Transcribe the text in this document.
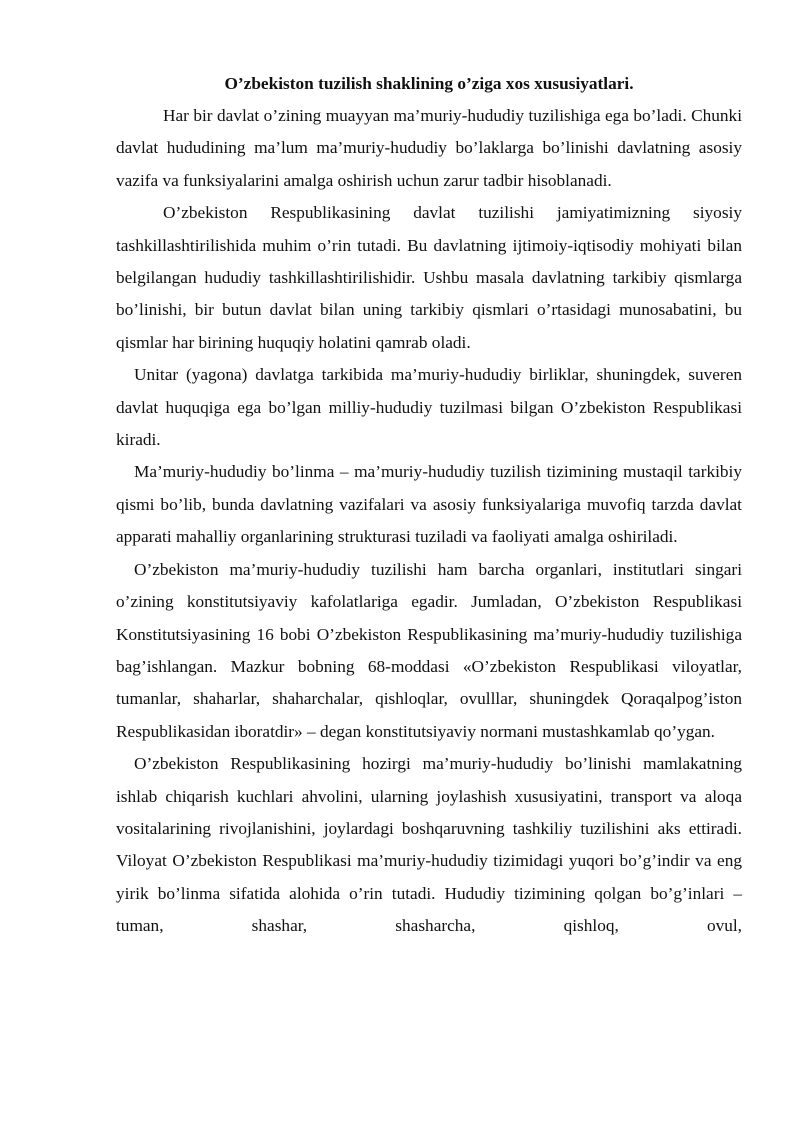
O’zbekiston tuzilish shaklining o’ziga xos xususiyatlari.

Har bir davlat o’zining muayyan ma’muriy-hududiy tuzilishiga ega bo’ladi. Chunki davlat hududining ma’lum ma’muriy-hududiy bo’laklarga bo’linishi davlatning asosiy vazifa va funksiyalarini amalga oshirish uchun zarur tadbir hisoblanadi.

O’zbekiston Respublikasining davlat tuzilishi jamiyatimizning siyosiy tashkillashtirilishida muhim o’rin tutadi. Bu davlatning ijtimoiy-iqtisodiy mohiyati bilan belgilangan hududiy tashkillashtirilishidir. Ushbu masala davlatning tarkibiy qismlarga bo’linishi, bir butun davlat bilan uning tarkibiy qismlari o’rtasidagi munosabatini, bu qismlar har birining huquqiy holatini qamrab oladi.

Unitar (yagona) davlatga tarkibida ma’muriy-hududiy birliklar, shuningdek, suveren davlat huquqiga ega bo’lgan milliy-hududiy tuzilmasi bilgan O’zbekiston Respublikasi kiradi.

Ma’muriy-hududiy bo’linma – ma’muriy-hududiy tuzilish tizimining mustaqil tarkibiy qismi bo’lib, bunda davlatning vazifalari va asosiy funksiyalariga muvofiq tarzda davlat apparati mahalliy organlarining strukturasi tuziladi va faoliyati amalga oshiriladi.

O’zbekiston ma’muriy-hududiy tuzilishi ham barcha organlari, institutlari singari o’zining konstitutsiyaviy kafolatlariga egadir. Jumladan, O’zbekiston Respublikasi Konstitutsiyasining 16 bobi O’zbekiston Respublikasining ma’muriy-hududiy tuzilishiga bag’ishlangan. Mazkur bobning 68-moddasi «O’zbekiston Respublikasi viloyatlar, tumanlar, shaharlar, shaharchalar, qishloqlar, ovulllar, shuningdek Qoraqalpog’iston Respublikasidan iboratdir» – degan konstitutsiyaviy normani mustashkamlab qo’ygan.

O’zbekiston Respublikasining hozirgi ma’muriy-hududiy bo’linishi mamlakatning ishlab chiqarish kuchlari ahvolini, ularning joylashish xususiyatini, transport va aloqa vositalarining rivojlanishini, joylardagi boshqaruvning tashkiliy tuzilishini aks ettiradi. Viloyat O’zbekiston Respublikasi ma’muriy-hududiy tizimidagi yuqori bo’g’indir va eng yirik bo’linma sifatida alohida o’rin tutadi. Hududiy tizimining qolgan bo’g’inlari – tuman, shashar, shasharcha, qishloq, ovul,
